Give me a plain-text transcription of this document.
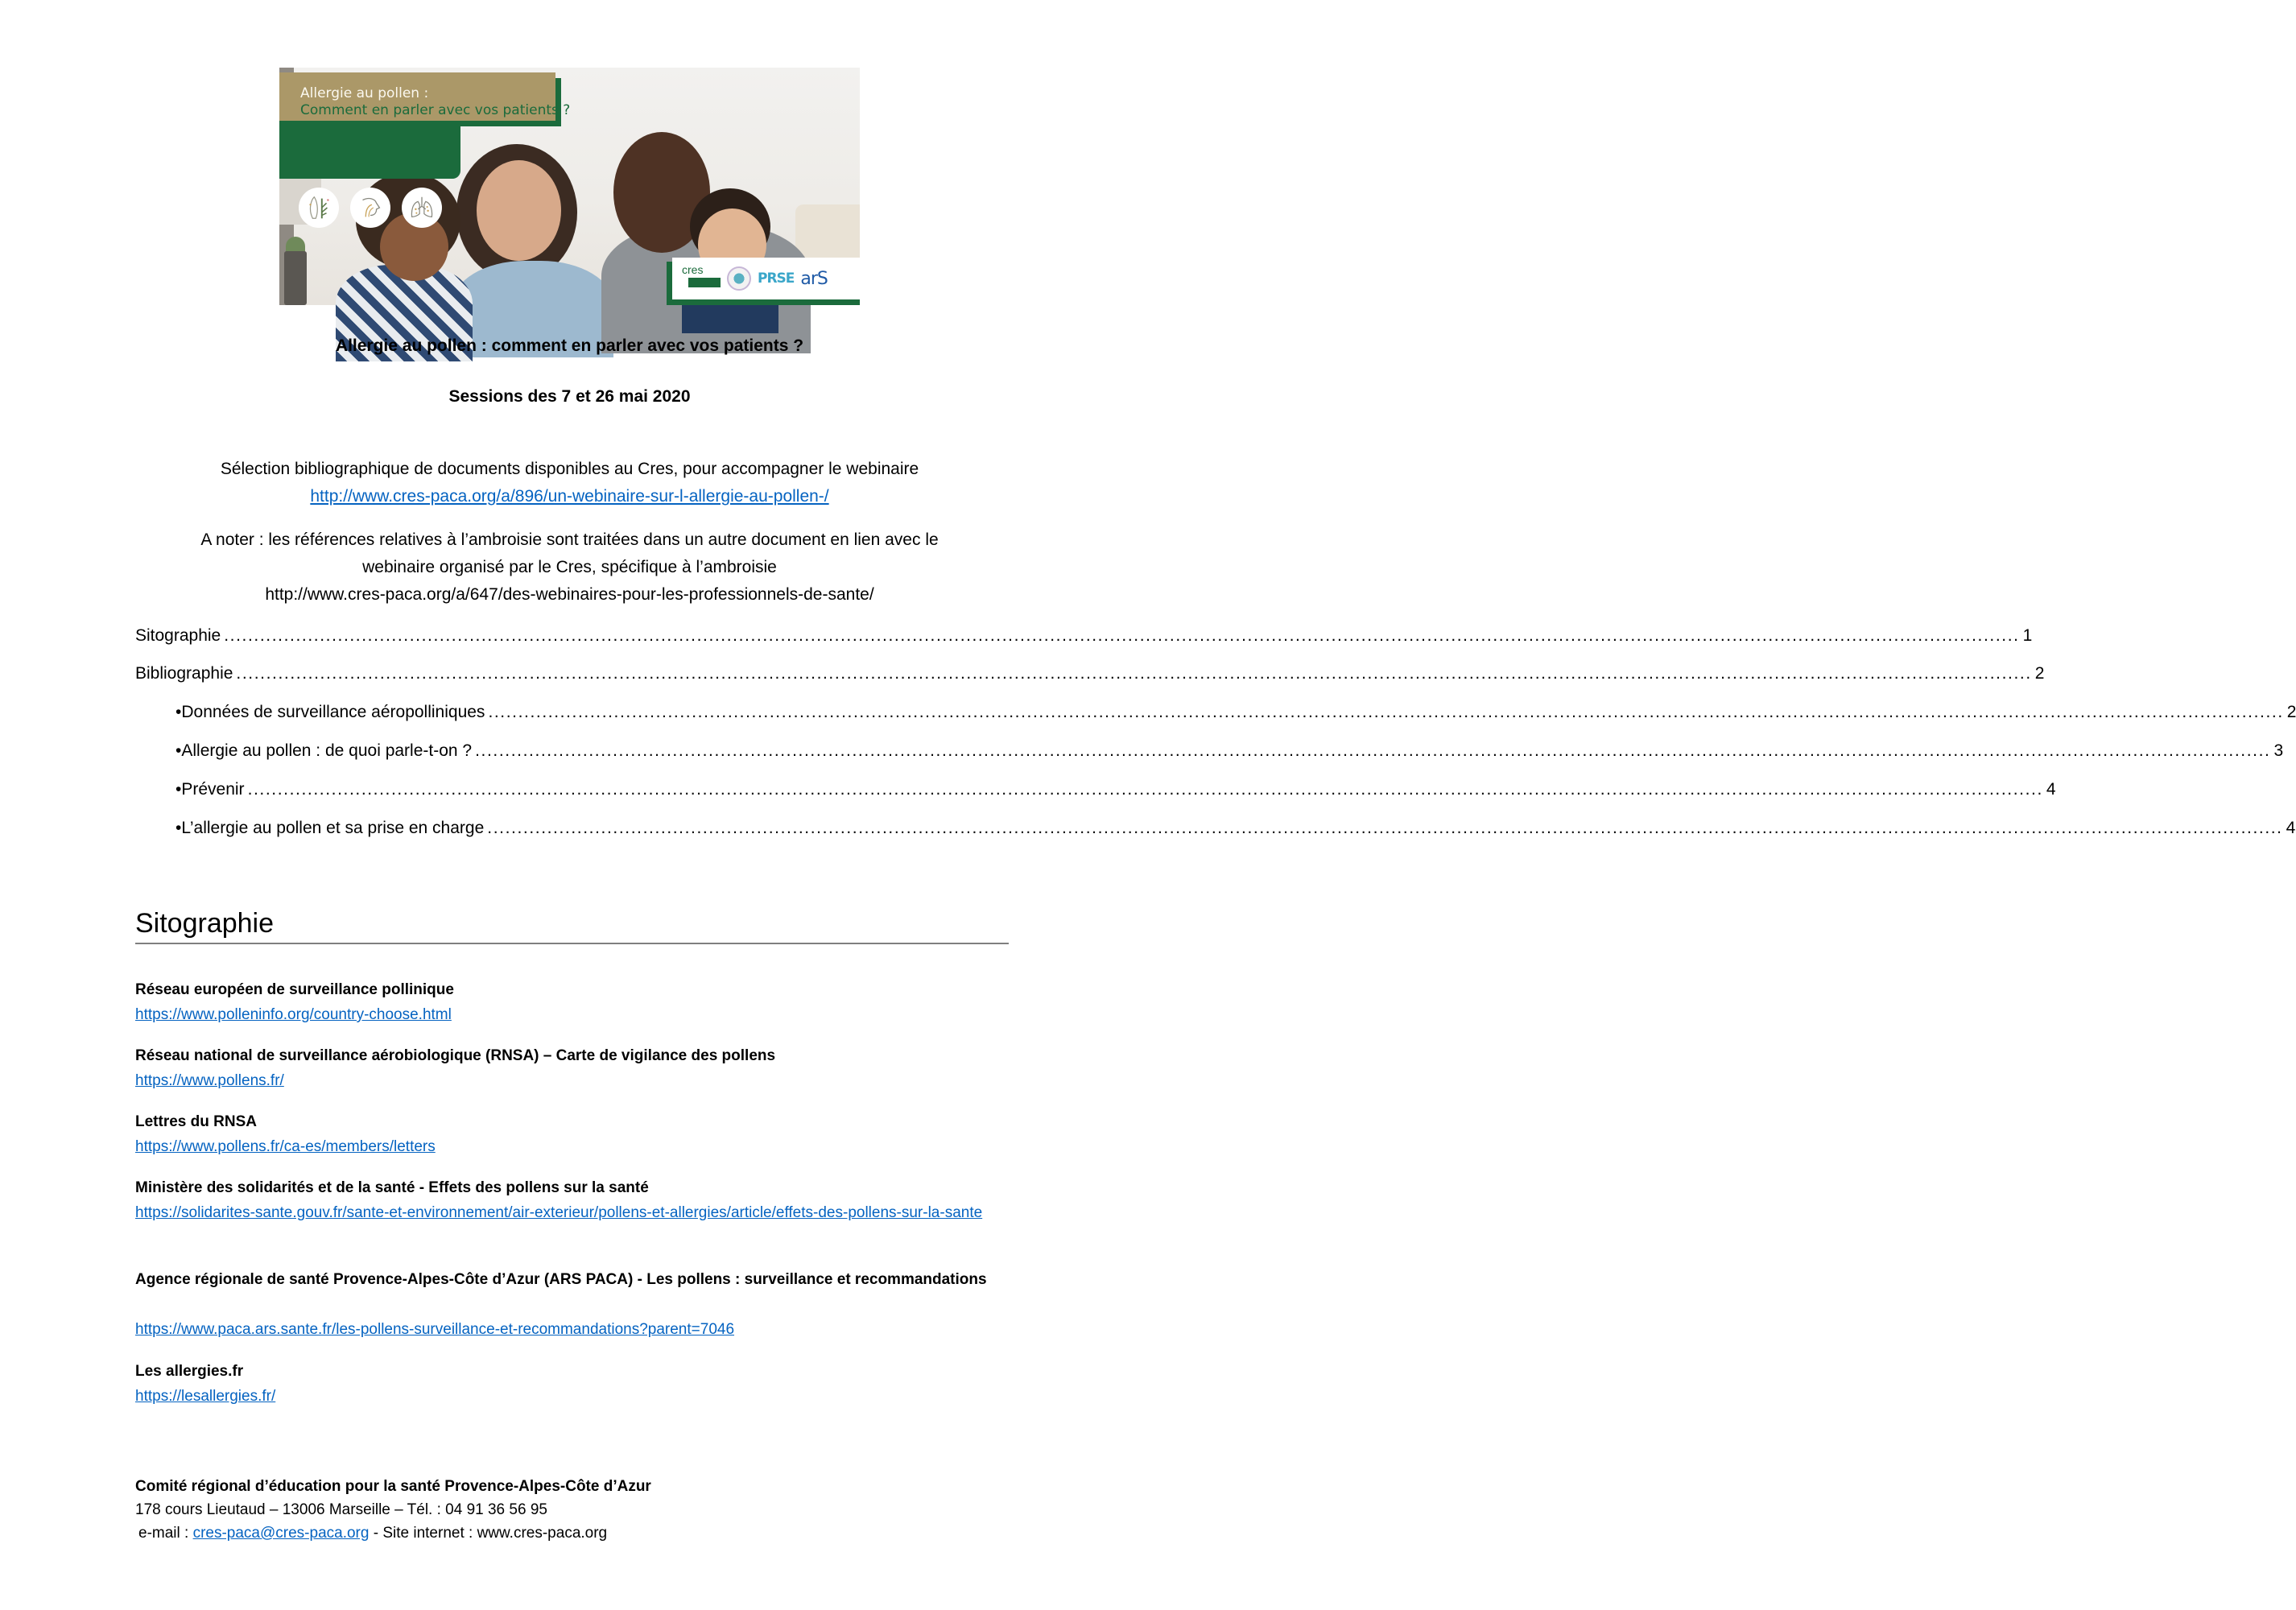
Allergie au pollen :
Comment en parler avec vos patients ?
cres
PRSE arS
Allergie au pollen : comment en parler avec vos patients ?
Sessions des 7 et 26 mai 2020
Sélection bibliographique de documents disponibles au Cres, pour accompagner le webinaire
http://www.cres-paca.org/a/896/un-webinaire-sur-l-allergie-au-pollen-/
A noter : les références relatives à l’ambroisie sont traitées dans un autre document en lien avec le
webinaire organisé par le Cres, spécifique à l’ambroisie
http://www.cres-paca.org/a/647/des-webinaires-pour-les-professionnels-de-sante/
Sitographie ............................................................................................................................................................................................................................................................................................................ 1
Bibliographie ............................................................................................................................................................................................................................................................................................................ 2
•Données de surveillance aéropolliniques ............................................................................................................................................................................................................................................................................................................ 2
•Allergie au pollen : de quoi parle-t-on ? ............................................................................................................................................................................................................................................................................................................ 3
•Prévenir ............................................................................................................................................................................................................................................................................................................ 4
•L’allergie au pollen et sa prise en charge ............................................................................................................................................................................................................................................................................................................ 4
Sitographie
Réseau européen de surveillance pollinique
https://www.polleninfo.org/country-choose.html
Réseau national de surveillance aérobiologique (RNSA) – Carte de vigilance des pollens
https://www.pollens.fr/
Lettres du RNSA
https://www.pollens.fr/ca-es/members/letters
Ministère des solidarités et de la santé - Effets des pollens sur la santé
https://solidarites-sante.gouv.fr/sante-et-environnement/air-exterieur/pollens-et-allergies/article/effets-des-pollens-sur-la-sante
Agence régionale de santé Provence-Alpes-Côte d’Azur (ARS PACA) - Les pollens : surveillance et recommandations
https://www.paca.ars.sante.fr/les-pollens-surveillance-et-recommandations?parent=7046
Les allergies.fr
https://lesallergies.fr/
Comité régional d’éducation pour la santé Provence-Alpes-Côte d’Azur
178 cours Lieutaud – 13006 Marseille – Tél. : 04 91 36 56 95
e-mail : cres-paca@cres-paca.org - Site internet : www.cres-paca.org
